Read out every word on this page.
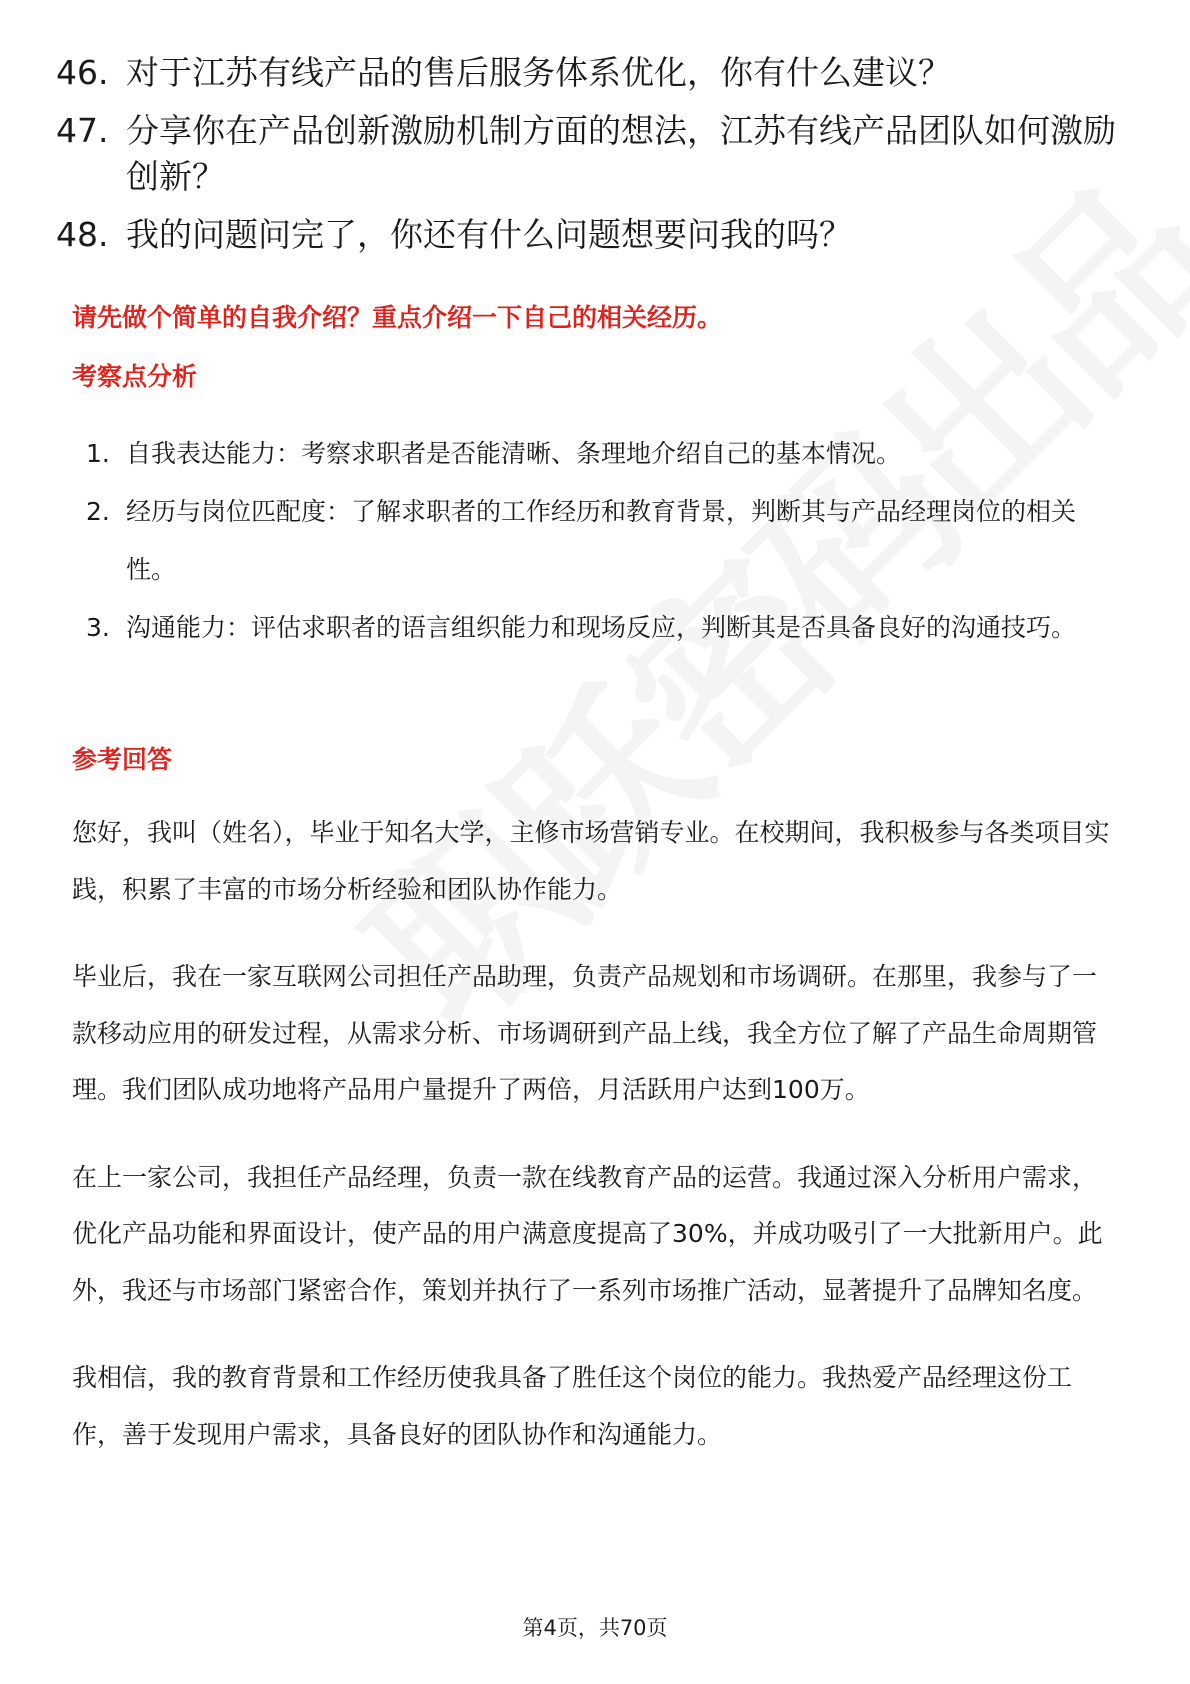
46. 对于江苏有线产品的售后服务体系优化，你有什么建议？
47. 分享你在产品创新激励机制方面的想法，江苏有线产品团队如何激励创新？
48. 我的问题问完了，你还有什么问题想要问我的吗？
请先做个简单的自我介绍？重点介绍一下自己的相关经历。
考察点分析
1. 自我表达能力：考察求职者是否能清晰、条理地介绍自己的基本情况。
2. 经历与岗位匹配度：了解求职者的工作经历和教育背景，判断其与产品经理岗位的相关性。
3. 沟通能力：评估求职者的语言组织能力和现场反应，判断其是否具备良好的沟通技巧。
参考回答

您好，我叫（姓名），毕业于知名大学，主修市场营销专业。在校期间，我积极参与各类项目实践，积累了丰富的市场分析经验和团队协作能力。

毕业后，我在一家互联网公司担任产品助理，负责产品规划和市场调研。在那里，我参与了一款移动应用的研发过程，从需求分析、市场调研到产品上线，我全方位了解了产品生命周期管理。我们团队成功地将产品用户量提升了两倍，月活跃用户达到100万。

在上一家公司，我担任产品经理，负责一款在线教育产品的运营。我通过深入分析用户需求，优化产品功能和界面设计，使产品的用户满意度提高了30%，并成功吸引了一大批新用户。此外，我还与市场部门紧密合作，策划并执行了一系列市场推广活动，显著提升了品牌知名度。

我相信，我的教育背景和工作经历使我具备了胜任这个岗位的能力。我热爱产品经理这份工作，善于发现用户需求，具备良好的团队协作和沟通能力。

第4页，共70页
